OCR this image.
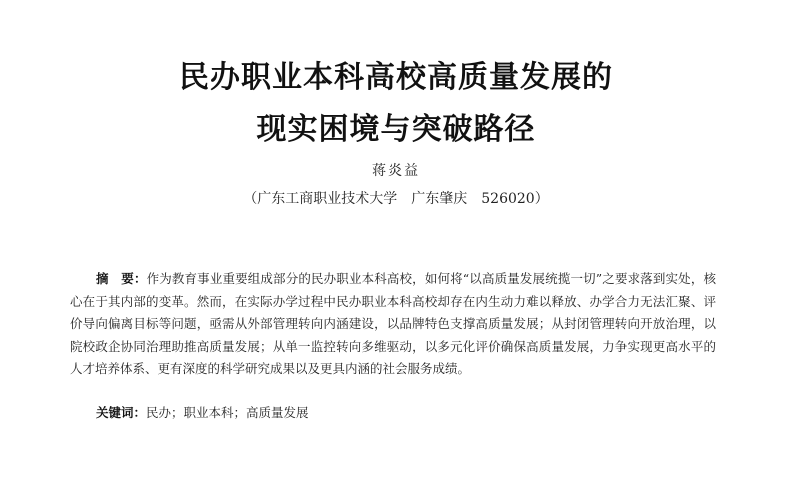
民办职业本科高校高质量发展的
现实困境与突破路径
蒋炎益
（广东工商职业技术大学　广东肇庆　526020）
摘　要：作为教育事业重要组成部分的民办职业本科高校，如何将“以高质量发展统揽一切”之要求落到实处，核心在于其内部的变革。然而，在实际办学过程中民办职业本科高校却存在内生动力难以释放、办学合力无法汇聚、评价导向偏离目标等问题，亟需从外部管理转向内涵建设，以品牌特色支撑高质量发展；从封闭管理转向开放治理，以院校政企协同治理助推高质量发展；从单一监控转向多维驱动，以多元化评价确保高质量发展，力争实现更高水平的人才培养体系、更有深度的科学研究成果以及更具内涵的社会服务成绩。
关键词：民办；职业本科；高质量发展
